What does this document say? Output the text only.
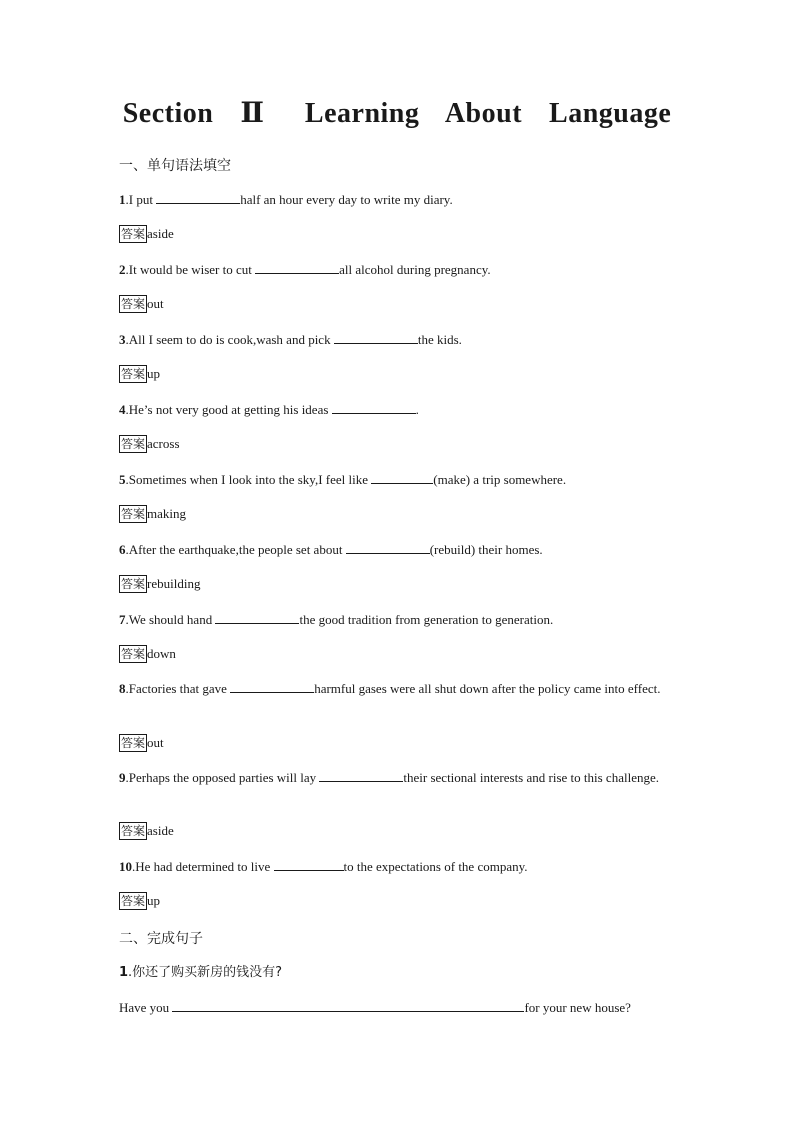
Section  Ⅱ   Learning  About  Language
一、单句语法填空
1.I put	half an hour every day to write my diary.
答案 aside
2.It would be wiser to cut	all alcohol during pregnancy.
答案 out
3.All I seem to do is cook,wash and pick	the kids.
答案 up
4.He’s not very good at getting his ideas	.
答案 across
5.Sometimes when I look into the sky,I feel like	(make) a trip somewhere.
答案 making
6.After the earthquake,the people set about	(rebuild) their homes.
答案 rebuilding
7.We should hand	the good tradition from generation to generation.
答案 down
8.Factories that gave	harmful gases were all shut down after the policy came into effect.
答案 out
9.Perhaps the opposed parties will lay	their sectional interests and rise to this challenge.
答案 aside
10.He had determined to live	to the expectations of the company.
答案 up
二、完成句子
1.你还了购买新房的钱没有?
Have you	for your new house?
